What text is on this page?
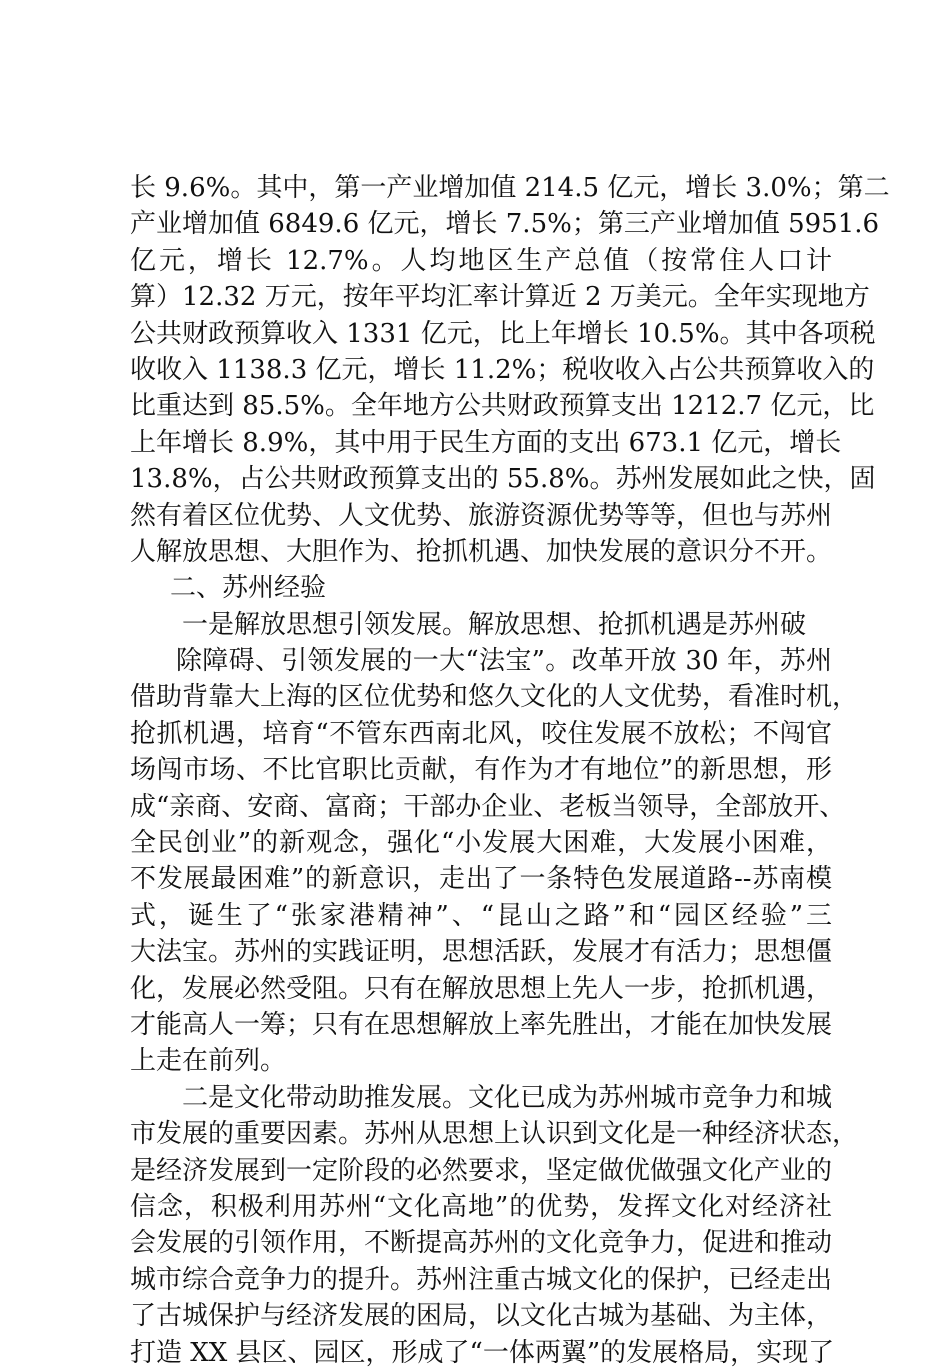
长 9.6%。其中，第一产业增加值 214.5 亿元，增长 3.0%；第二
产业增加值 6849.6 亿元，增长 7.5%；第三产业增加值 5951.6
亿元，增长 12.7%。人均地区生产总值（按常住人口计
算）12.32 万元，按年平均汇率计算近 2 万美元。全年实现地方
公共财政预算收入 1331 亿元，比上年增长 10.5%。其中各项税
收收入 1138.3 亿元，增长 11.2%；税收收入占公共预算收入的
比重达到 85.5%。全年地方公共财政预算支出 1212.7 亿元，比
上年增长 8.9%，其中用于民生方面的支出 673.1 亿元，增长
13.8%，占公共财政预算支出的 55.8%。苏州发展如此之快，固
然有着区位优势、人文优势、旅游资源优势等等，但也与苏州
人解放思想、大胆作为、抢抓机遇、加快发展的意识分不开。
二、苏州经验
一是解放思想引领发展。解放思想、抢抓机遇是苏州破
除障碍、引领发展的一大“法宝”。改革开放 30 年，苏州
借助背靠大上海的区位优势和悠久文化的人文优势，看准时机，
抢抓机遇，培育“不管东西南北风，咬住发展不放松；不闯官
场闯市场、不比官职比贡献，有作为才有地位”的新思想，形
成“亲商、安商、富商；干部办企业、老板当领导，全部放开、
全民创业”的新观念，强化“小发展大困难，大发展小困难，
不发展最困难”的新意识，走出了一条特色发展道路--苏南模
式，诞生了“张家港精神”、“昆山之路”和“园区经验”三
大法宝。苏州的实践证明，思想活跃，发展才有活力；思想僵
化，发展必然受阻。只有在解放思想上先人一步，抢抓机遇，
才能高人一筹；只有在思想解放上率先胜出，才能在加快发展
上走在前列。
二是文化带动助推发展。文化已成为苏州城市竞争力和城
市发展的重要因素。苏州从思想上认识到文化是一种经济状态，
是经济发展到一定阶段的必然要求，坚定做优做强文化产业的
信念，积极利用苏州“文化高地”的优势，发挥文化对经济社
会发展的引领作用，不断提高苏州的文化竞争力，促进和推动
城市综合竞争力的提升。苏州注重古城文化的保护，已经走出
了古城保护与经济发展的困局，以文化古城为基础、为主体，
打造 XX 县区、园区，形成了“一体两翼”的发展格局，实现了
